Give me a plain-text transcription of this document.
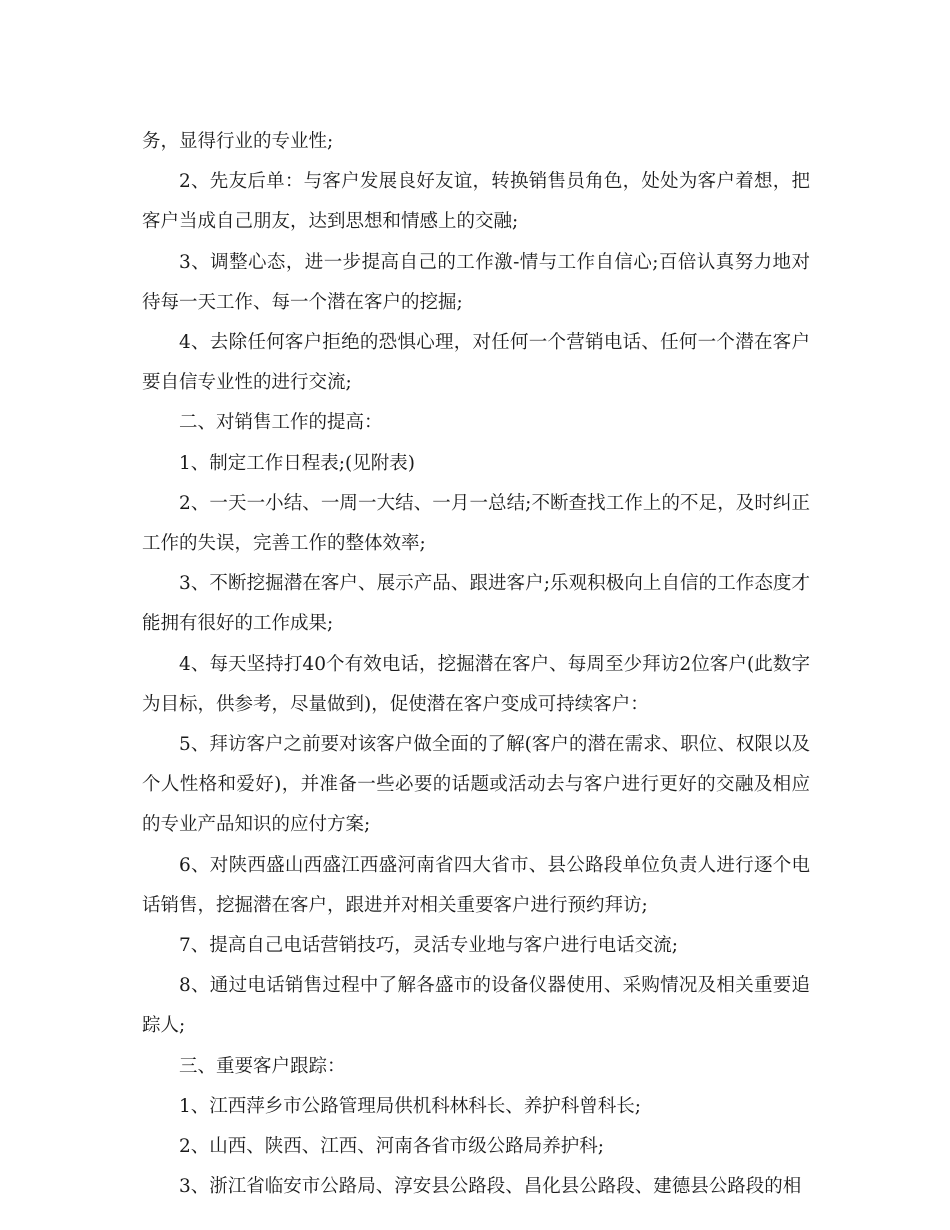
务，显得行业的专业性;

2、先友后单：与客户发展良好友谊，转换销售员角色，处处为客户着想，把客户当成自己朋友，达到思想和情感上的交融;

3、调整心态，进一步提高自己的工作激-情与工作自信心;百倍认真努力地对待每一天工作、每一个潜在客户的挖掘;

4、去除任何客户拒绝的恐惧心理，对任何一个营销电话、任何一个潜在客户要自信专业性的进行交流;

二、对销售工作的提高：

1、制定工作日程表;(见附表)

2、一天一小结、一周一大结、一月一总结;不断查找工作上的不足，及时纠正工作的失误，完善工作的整体效率;

3、不断挖掘潜在客户、展示产品、跟进客户;乐观积极向上自信的工作态度才能拥有很好的工作成果;

4、每天坚持打40个有效电话，挖掘潜在客户、每周至少拜访2位客户(此数字为目标，供参考，尽量做到)，促使潜在客户变成可持续客户：

5、拜访客户之前要对该客户做全面的了解(客户的潜在需求、职位、权限以及个人性格和爱好)，并准备一些必要的话题或活动去与客户进行更好的交融及相应的专业产品知识的应付方案;

6、对陕西盛山西盛江西盛河南省四大省市、县公路段单位负责人进行逐个电话销售，挖掘潜在客户，跟进并对相关重要客户进行预约拜访;

7、提高自己电话营销技巧，灵活专业地与客户进行电话交流;

8、通过电话销售过程中了解各盛市的设备仪器使用、采购情况及相关重要追踪人;

三、重要客户跟踪：

1、江西萍乡市公路管理局供机科林科长、养护科曾科长;

2、山西、陕西、江西、河南各省市级公路局养护科;

3、浙江省临安市公路局、淳安县公路段、昌化县公路段、建德县公路段的相
